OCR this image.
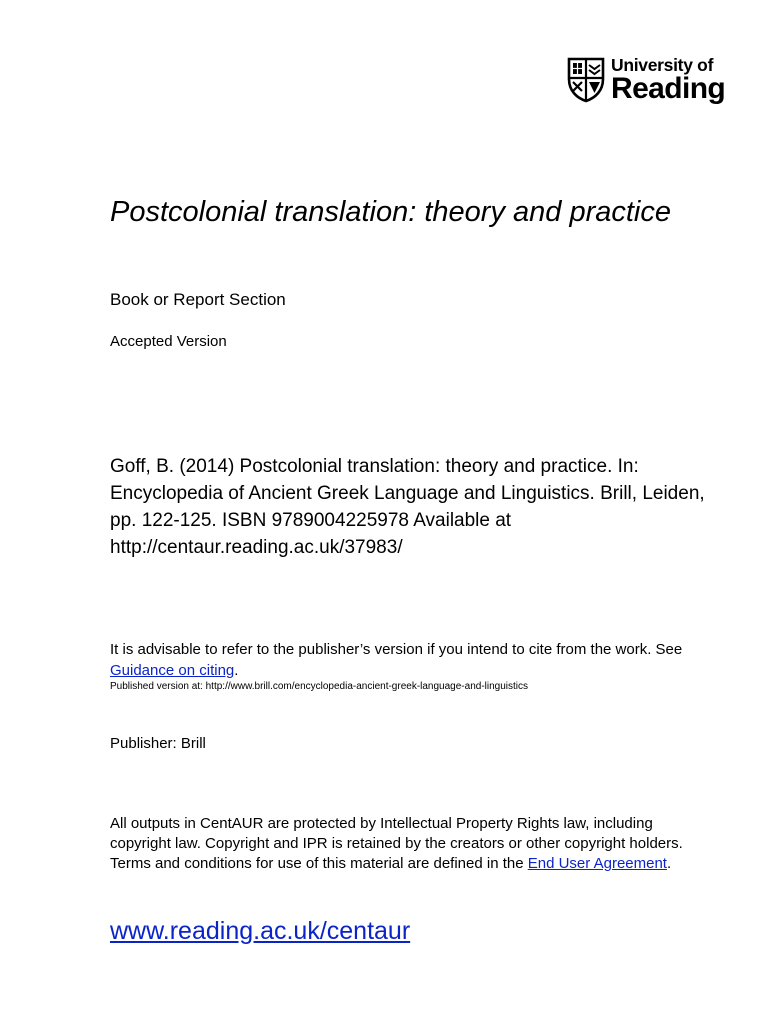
University of
Reading
Postcolonial translation: theory and practice

Book or Report Section

Accepted Version

Goff, B. (2014) Postcolonial translation: theory and practice. In: Encyclopedia of Ancient Greek Language and Linguistics. Brill, Leiden, pp. 122-125. ISBN 9789004225978 Available at http://centaur.reading.ac.uk/37983/

It is advisable to refer to the publisher’s version if you intend to cite from the work. See Guidance on citing.

Published version at: http://www.brill.com/encyclopedia-ancient-greek-language-and-linguistics

Publisher: Brill

All outputs in CentAUR are protected by Intellectual Property Rights law, including copyright law. Copyright and IPR is retained by the creators or other copyright holders. Terms and conditions for use of this material are defined in the End User Agreement.

www.reading.ac.uk/centaur
